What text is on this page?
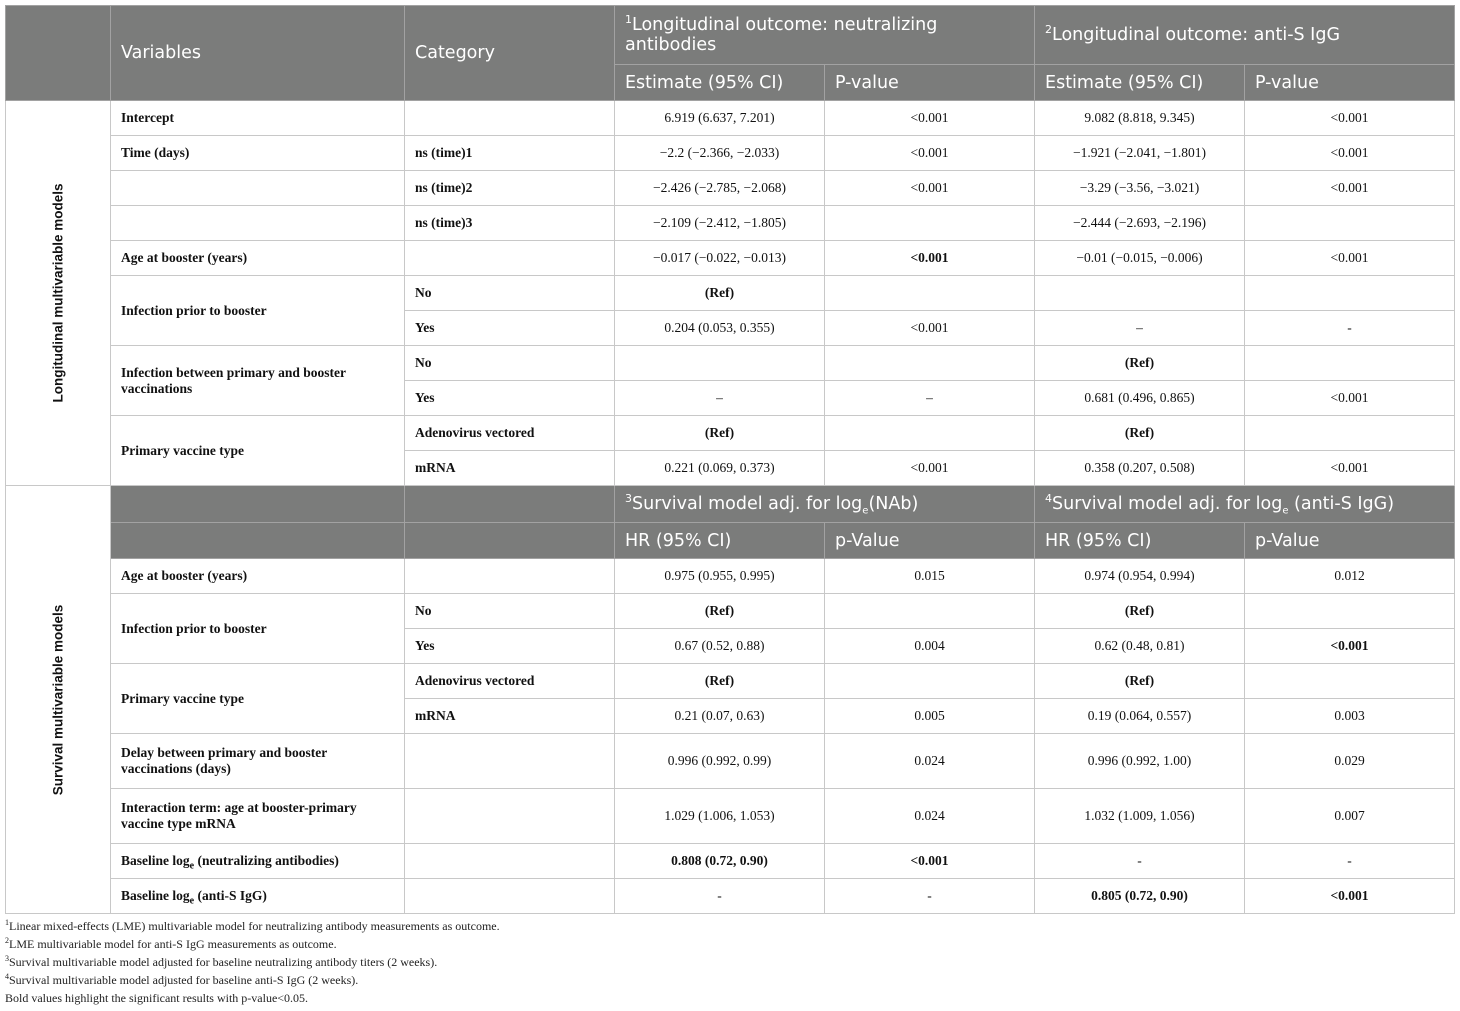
	Variables	Category	$^1$Longitudinal outcome: neutralizing antibodies		$^2$Longitudinal outcome: anti-S IgG	
			Estimate (95% CI)	P-value	Estimate (95% CI)	P-value

Longitudinal multivariable models	Intercept		6.919 (6.637, 7.201)	<0.001	9.082 (8.818, 9.345)	<0.001
	Time (days)	ns (time)1	−2.2 (−2.366, −2.033)	<0.001	−1.921 (−2.041, −1.801)	<0.001
		ns (time)2	−2.426 (−2.785, −2.068)	<0.001	−3.29 (−3.56, −3.021)	<0.001
		ns (time)3	−2.109 (−2.412, −1.805)		−2.444 (−2.693, −2.196)	
	Age at booster (years)		−0.017 (−0.022, −0.013)	<0.001	−0.01 (−0.015, −0.006)	<0.001
	Infection prior to booster	No	(Ref)			
		Yes	0.204 (0.053, 0.355)	<0.001	–	-
	Infection between primary and booster vaccinations	No			(Ref)	
		Yes	–	–	0.681 (0.496, 0.865)	<0.001
	Primary vaccine type	Adenovirus vectored	(Ref)		(Ref)	
		mRNA	0.221 (0.069, 0.373)	<0.001	0.358 (0.207, 0.508)	<0.001

Survival multivariable models			$^3$Survival model adj. for $\log_e(NAb)$		$^4$Survival model adj. for $\log_e$ (anti-S IgG)	
			HR (95% CI)	p-Value	HR (95% CI)	p-Value
	Age at booster (years)		0.975 (0.955, 0.995)	0.015	0.974 (0.954, 0.994)	0.012
	Infection prior to booster	No	(Ref)		(Ref)	
		Yes	0.67 (0.52, 0.88)	0.004	0.62 (0.48, 0.81)	<0.001
	Primary vaccine type	Adenovirus vectored	(Ref)		(Ref)	
		mRNA	0.21 (0.07, 0.63)	0.005	0.19 (0.064, 0.557)	0.003
	Delay between primary and booster vaccinations (days)		0.996 (0.992, 0.99)	0.024	0.996 (0.992, 1.00)	0.029
	Interaction term: age at booster-primary vaccine type mRNA		1.029 (1.006, 1.053)	0.024	1.032 (1.009, 1.056)	0.007
	Baseline $\log_e$ (neutralizing antibodies)		0.808 (0.72, 0.90)	<0.001	-	-
	Baseline $\log_e$ (anti-S IgG)		-	-	0.805 (0.72, 0.90)	<0.001
$^1$Linear mixed-effects (LME) multivariable model for neutralizing antibody measurements as outcome.
$^2$LME multivariable model for anti-S IgG measurements as outcome.
$^3$Survival multivariable model adjusted for baseline neutralizing antibody titers (2 weeks).
$^4$Survival multivariable model adjusted for baseline anti-S IgG (2 weeks).
Bold values highlight the significant results with p-value<0.05.
